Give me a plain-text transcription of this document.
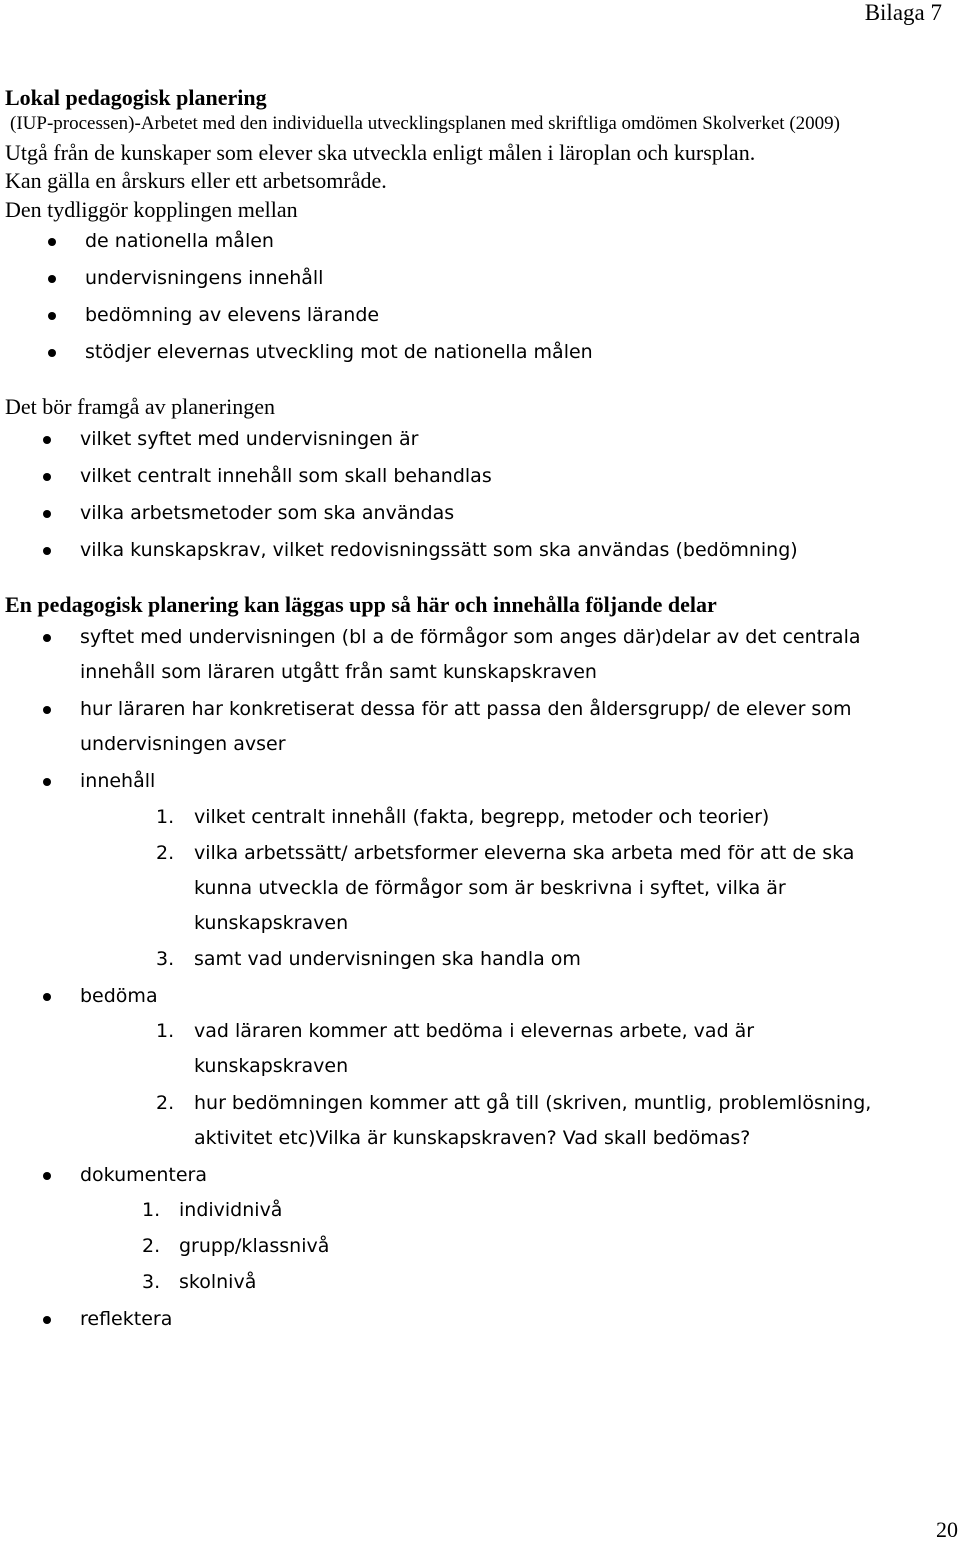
Bilaga 7
Lokal pedagogisk planering
(IUP-processen)-Arbetet med den individuella utvecklingsplanen med skriftliga omdömen Skolverket (2009)
Utgå från de kunskaper som elever ska utveckla enligt målen i läroplan och kursplan.
Kan gälla en årskurs eller ett arbetsområde.
Den tydliggör kopplingen mellan
de nationella målen
undervisningens innehåll
bedömning av elevens lärande
stödjer elevernas utveckling mot de nationella målen
Det bör framgå av planeringen
vilket syftet med undervisningen är
vilket centralt innehåll som skall behandlas
vilka arbetsmetoder som ska användas
vilka kunskapskrav, vilket redovisningssätt som ska användas (bedömning)
En pedagogisk planering kan läggas upp så här och innehålla följande delar
syftet med undervisningen (bl a de förmågor som anges där)delar av det centrala
innehåll som läraren utgått från samt kunskapskraven
hur läraren har konkretiserat dessa för att passa den åldersgrupp/ de elever som
undervisningen avser
innehåll
1. vilket centralt innehåll (fakta, begrepp, metoder och teorier)
2. vilka arbetssätt/ arbetsformer eleverna ska arbeta med för att de ska
kunna utveckla de förmågor som är beskrivna i syftet, vilka är
kunskapskraven
3. samt vad undervisningen ska handla om
bedöma
1. vad läraren kommer att bedöma i elevernas arbete, vad är
kunskapskraven
2. hur bedömningen kommer att gå till (skriven, muntlig, problemlösning,
aktivitet etc)Vilka är kunskapskraven? Vad skall bedömas?
dokumentera
1. individnivå
2. grupp/klassnivå
3. skolnivå
reflektera
20
